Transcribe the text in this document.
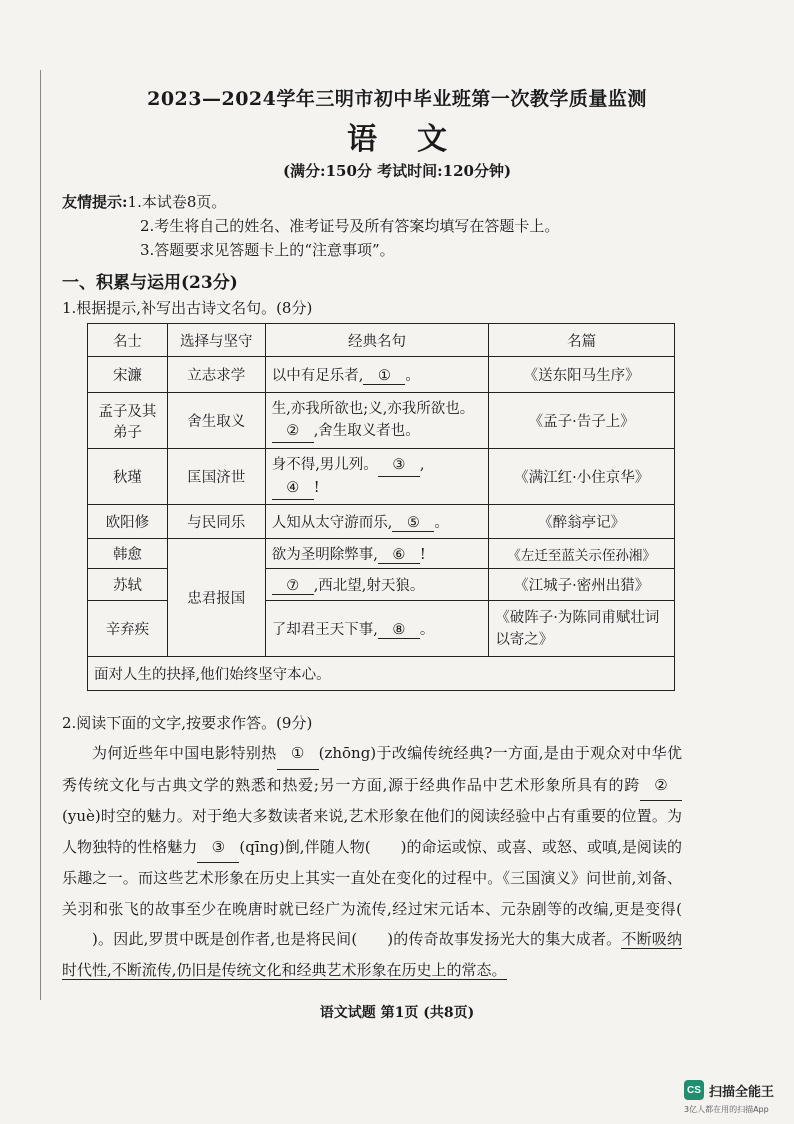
2023—2024学年三明市初中毕业班第一次教学质量监测
语文
(满分:150分 考试时间:120分钟)
友情提示:1.本试卷8页。
2.考生将自己的姓名、准考证号及所有答案均填写在答题卡上。
3.答题要求见答题卡上的“注意事项”。
一、积累与运用(23分)
1.根据提示,补写出古诗文名句。(8分)
名士	选择与坚守	经典名句	名篇
宋濂	立志求学	以中有足乐者, ① 。	《送东阳马生序》
孟子及其弟子	舍生取义	生,亦我所欲也;义,亦我所欲也。② ,舍生取义者也。	《孟子·告子上》
秋瑾	匡国济世	身不得,男儿列。 ③ ,
④ !	《满江红·小住京华》
欧阳修	与民同乐	人知从太守游而乐, ⑤ 。	《醉翁亭记》
韩愈	忠君报国	欲为圣明除弊事, ⑥ !	《左迁至蓝关示侄孙湘》
苏轼		⑦ ,西北望,射天狼。	《江城子·密州出猎》
辛弃疾		了却君王天下事, ⑧ 。	《破阵子·为陈同甫赋壮词以寄之》
面对人生的抉择,他们始终坚守本心。			
2.阅读下面的文字,按要求作答。(9分)
为何近些年中国电影特别热 ① (zhōng)于改编传统经典?一方面,是由于观众对中华优秀传统文化与古典文学的熟悉和热爱;另一方面,源于经典作品中艺术形象所具有的跨 ②(yuè)时空的魅力。对于绝大多数读者来说,艺术形象在他们的阅读经验中占有重要的位置。为人物独特的性格魅力 ③ (qīng)倒,伴随人物( )的命运或惊、或喜、或怒、或嗔,是阅读的乐趣之一。而这些艺术形象在历史上其实一直处在变化的过程中。《三国演义》问世前,刘备、关羽和张飞的故事至少在晚唐时就已经广为流传,经过宋元话本、元杂剧等的改编,更是变得()。因此,罗贯中既是创作者,也是将民间( )的传奇故事发扬光大的集大成者。不断吸纳时代性,不断流传,仍旧是传统文化和经典艺术形象在历史上的常态。
语文试题 第1页 (共8页)
CS 扫描全能王
3亿人都在用的扫描App
